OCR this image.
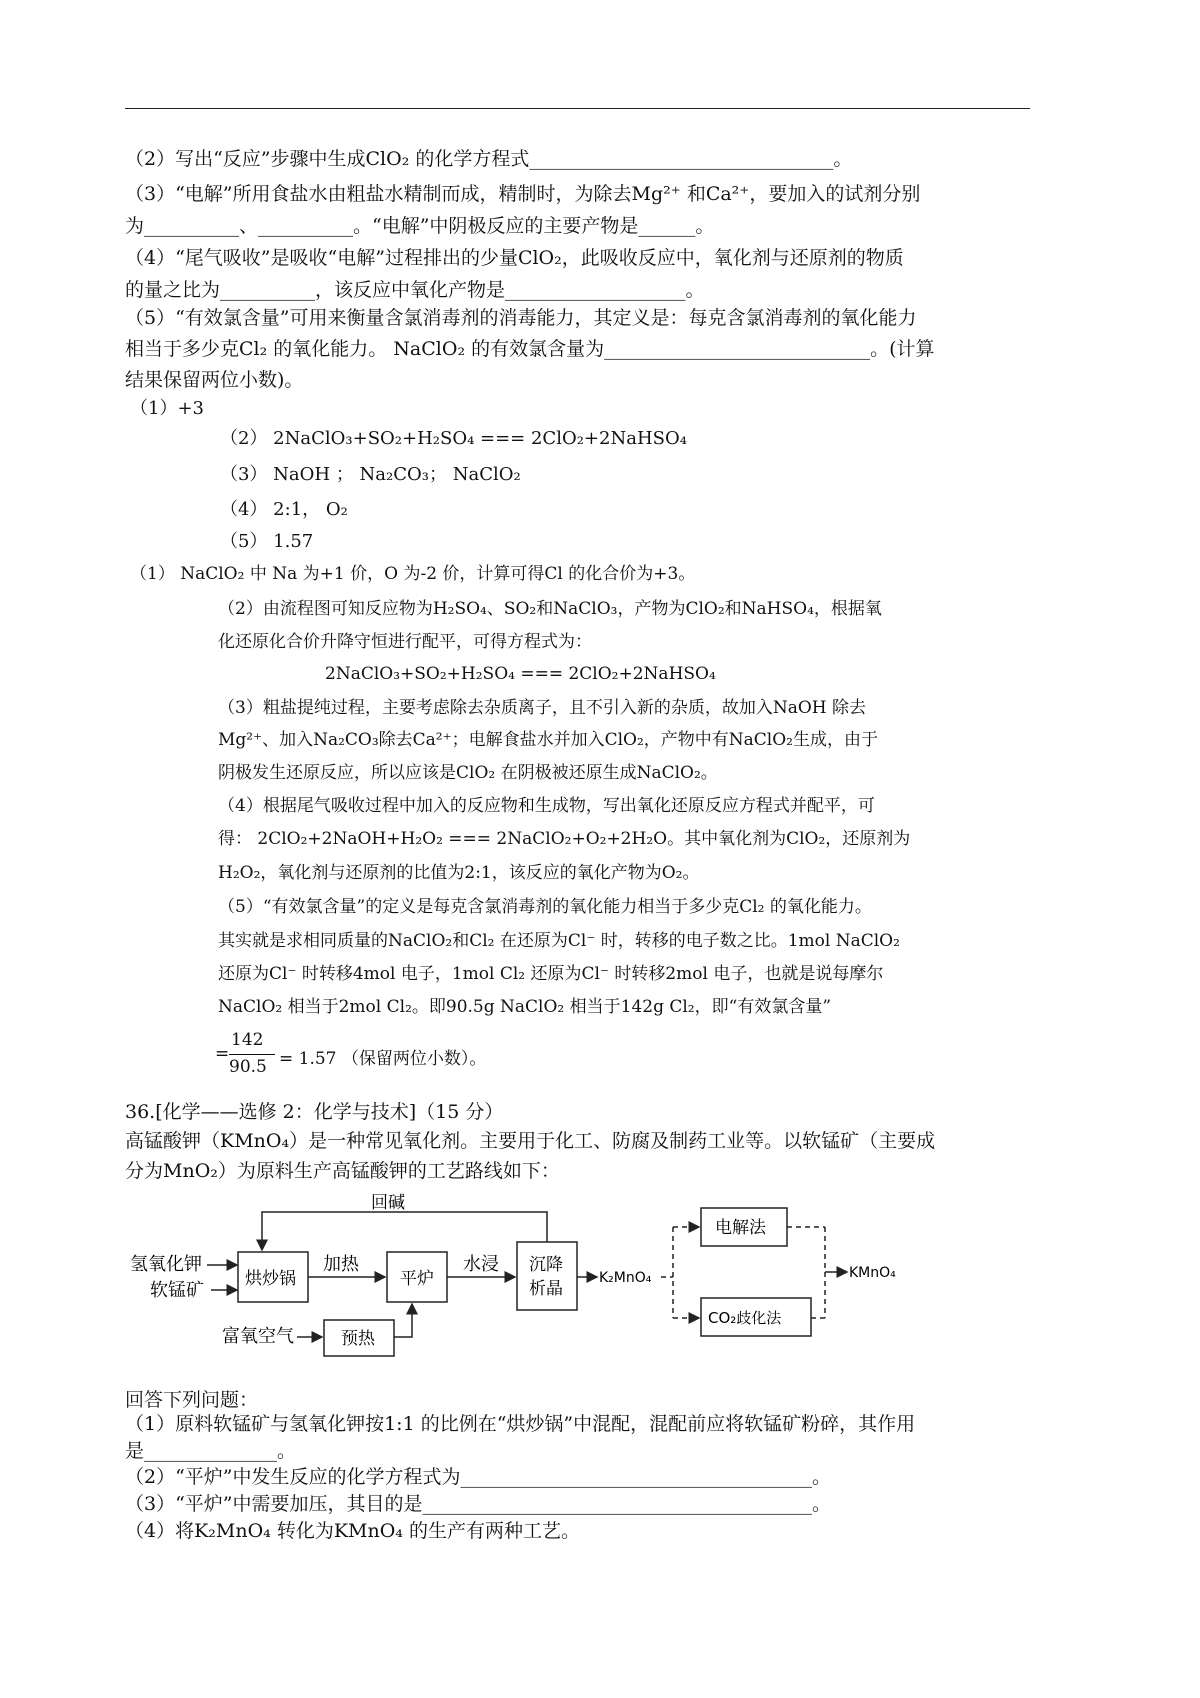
（2）写出“反应”步骤中生成ClO₂ 的化学方程式________________________________。
（3）“电解”所用食盐水由粗盐水精制而成，精制时，为除去Mg²⁺ 和Ca²⁺，要加入的试剂分别
为__________、__________。“电解”中阴极反应的主要产物是______。
（4）“尾气吸收”是吸收“电解”过程排出的少量ClO₂，此吸收反应中，氧化剂与还原剂的物质
的量之比为__________，该反应中氧化产物是___________________。
（5）“有效氯含量”可用来衡量含氯消毒剂的消毒能力，其定义是：每克含氯消毒剂的氧化能力
相当于多少克Cl₂ 的氧化能力。 NaClO₂ 的有效氯含量为____________________________。(计算
结果保留两位小数)。
（1）+3
（2） 2NaClO₃+SO₂+H₂SO₄ === 2ClO₂+2NaHSO₄
（3） NaOH ； Na₂CO₃； NaClO₂
（4） 2:1， O₂
（5） 1.57
（1） NaClO₂ 中 Na 为+1 价，O 为-2 价，计算可得Cl 的化合价为+3。
（2）由流程图可知反应物为H₂SO₄、SO₂和NaClO₃，产物为ClO₂和NaHSO₄，根据氧
化还原化合价升降守恒进行配平，可得方程式为：
2NaClO₃+SO₂+H₂SO₄ === 2ClO₂+2NaHSO₄
（3）粗盐提纯过程，主要考虑除去杂质离子，且不引入新的杂质，故加入NaOH 除去
Mg²⁺、加入Na₂CO₃除去Ca²⁺；电解食盐水并加入ClO₂，产物中有NaClO₂生成，由于
阴极发生还原反应，所以应该是ClO₂ 在阴极被还原生成NaClO₂。
（4）根据尾气吸收过程中加入的反应物和生成物，写出氧化还原反应方程式并配平，可
得： 2ClO₂+2NaOH+H₂O₂ === 2NaClO₂+O₂+2H₂O。其中氧化剂为ClO₂，还原剂为
H₂O₂，氧化剂与还原剂的比值为2:1，该反应的氧化产物为O₂。
（5）“有效氯含量”的定义是每克含氯消毒剂的氧化能力相当于多少克Cl₂ 的氧化能力。
其实就是求相同质量的NaClO₂和Cl₂ 在还原为Cl⁻ 时，转移的电子数之比。1mol NaClO₂
还原为Cl⁻ 时转移4mol 电子，1mol Cl₂ 还原为Cl⁻ 时转移2mol 电子，也就是说每摩尔
NaClO₂ 相当于2mol Cl₂。即90.5g NaClO₂ 相当于142g Cl₂，即“有效氯含量”
=
142
90.5 = 1.57 （保留两位小数）。
36.[化学——选修 2：化学与技术]（15 分）
高锰酸钾（KMnO₄）是一种常见氧化剂。主要用于化工、防腐及制药工业等。以软锰矿（主要成
分为MnO₂）为原料生产高锰酸钾的工艺路线如下：
氢氧化钾
软锰矿
烘炒锅
加热
平炉
水浸 沉降
析晶
回碱
K₂MnO₄
电解法
CO₂歧化法
KMnO₄
富氧空气	预热
回答下列问题：
（1）原料软锰矿与氢氧化钾按1:1 的比例在“烘炒锅”中混配，混配前应将软锰矿粉碎，其作用
是______________。
（2）“平炉”中发生反应的化学方程式为_____________________________________。
（3）“平炉”中需要加压，其目的是_________________________________________。
（4）将K₂MnO₄ 转化为KMnO₄ 的生产有两种工艺。
